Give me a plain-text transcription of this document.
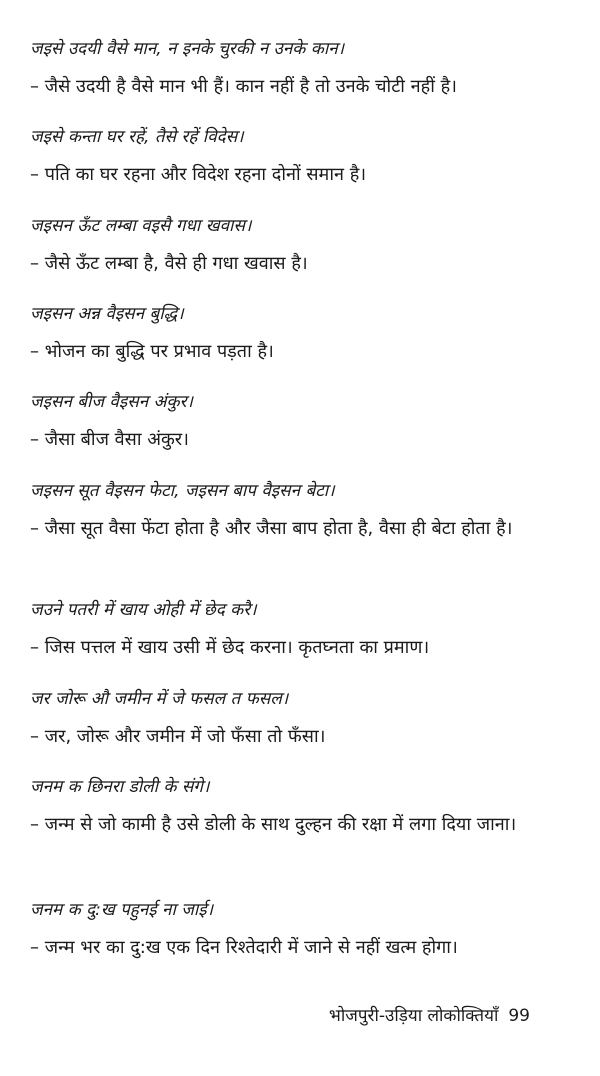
जइसे उदयी वैसे मान, न इनके चुरकी न उनके कान।
– जैसे उदयी है वैसे मान भी हैं। कान नहीं है तो उनके चोटी नहीं है।
जइसे कन्ता घर रहें, तैसे रहें विदेस।
– पति का घर रहना और विदेश रहना दोनों समान है।
जइसन ऊँट लम्बा वइसै गधा खवास।
– जैसे ऊँट लम्बा है, वैसे ही गधा खवास है।
जइसन अन्न वैइसन बुद्धि।
– भोजन का बुद्धि पर प्रभाव पड़ता है।
जइसन बीज वैइसन अंकुर।
– जैसा बीज वैसा अंकुर।
जइसन सूत वैइसन फेटा, जइसन बाप वैइसन बेटा।
– जैसा सूत वैसा फेंटा होता है और जैसा बाप होता है, वैसा ही बेटा होता है।
जउने पतरी में खाय ओही में छेद करै।
– जिस पत्तल में खाय उसी में छेद करना। कृतघ्नता का प्रमाण।
जर जोरू औ जमीन में जे फसल त फसल।
– जर, जोरू और जमीन में जो फँसा तो फँसा।
जनम क छिनरा डोली के संगे।
– जन्म से जो कामी है उसे डोली के साथ दुल्हन की रक्षा में लगा दिया जाना।
जनम क दु:ख पहुनई ना जाई।
– जन्म भर का दु:ख एक दिन रिश्तेदारी में जाने से नहीं खत्म होगा।
भोजपुरी-उड़िया लोकोक्तियाँ 99
